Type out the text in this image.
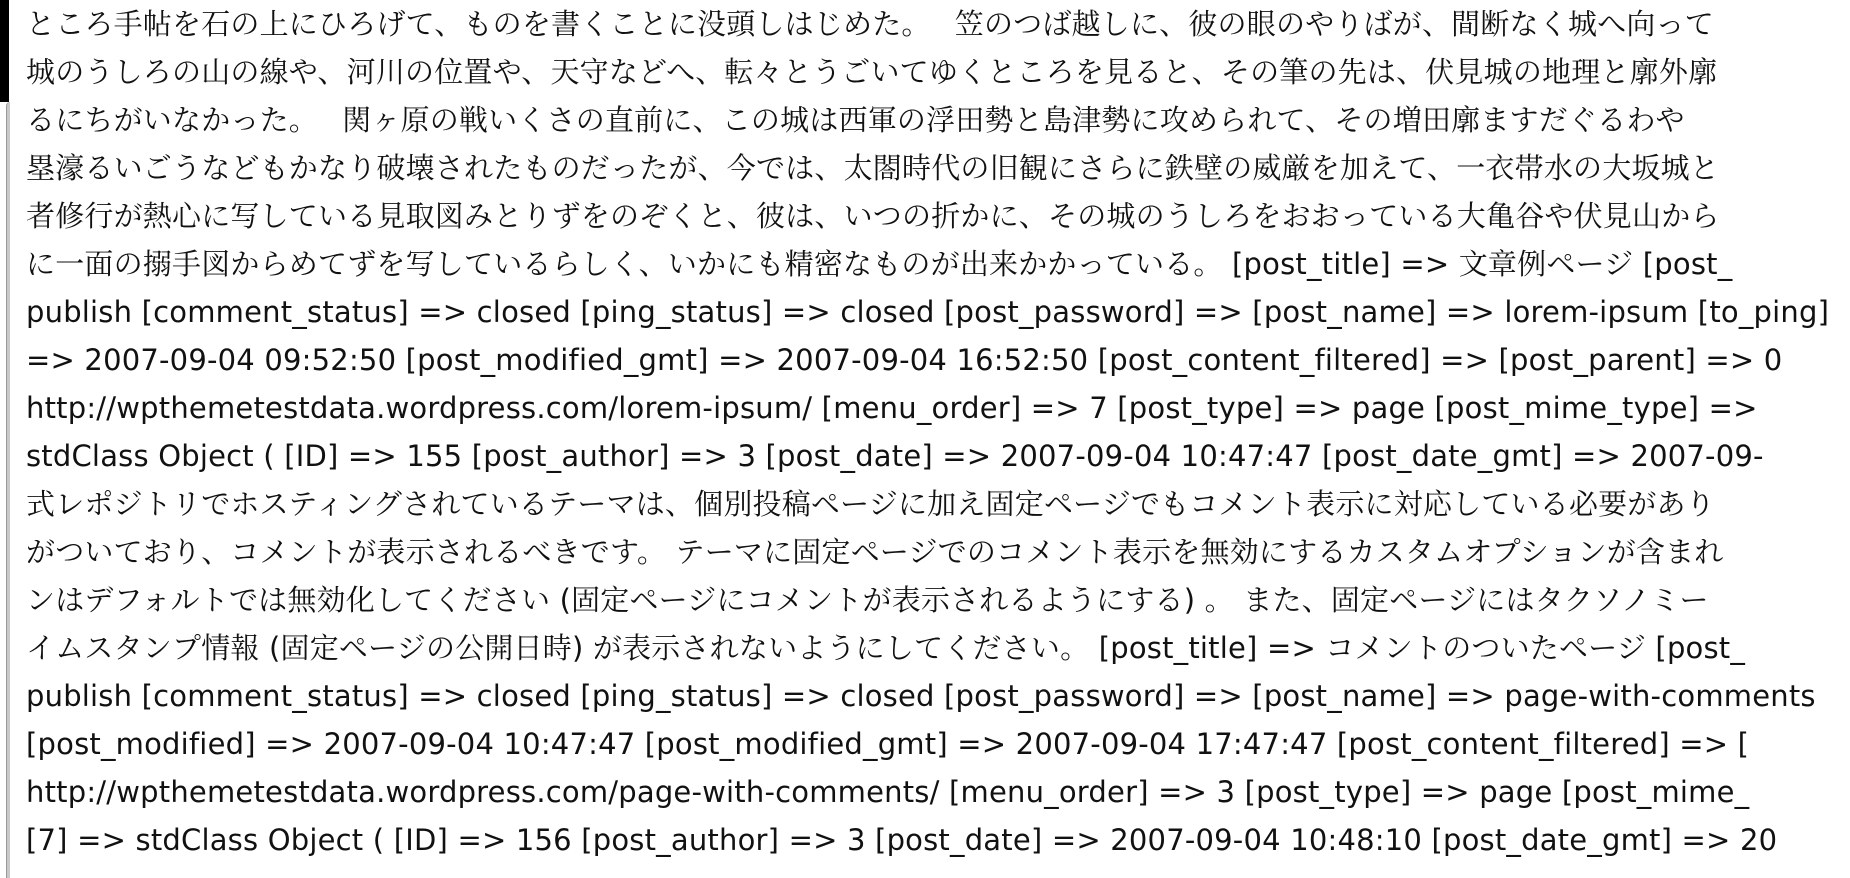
ところ手帖を石の上にひろげて、ものを書くことに没頭しはじめた。　 笠のつば越しに、彼の眼のやりばが、間断なく城へ向って
城のうしろの山の線や、河川の位置や、天守などへ、転々とうごいてゆくところを見ると、その筆の先は、伏見城の地理と廓外廓
るにちがいなかった。　 関ヶ原の戦いくさの直前に、この城は西軍の浮田勢と島津勢に攻められて、その増田廓ますだぐるわや
塁濠るいごうなどもかなり破壊されたものだったが、今では、太閤時代の旧観にさらに鉄壁の威厳を加えて、一衣帯水の大坂城と
者修行が熱心に写している見取図みとりずをのぞくと、彼は、いつの折かに、その城のうしろをおおっている大亀谷や伏見山から
に一面の搦手図からめてずを写しているらしく、いかにも精密なものが出来かかっている。 [post_title] => 文章例ページ [post_
publish [comment_status] => closed [ping_status] => closed [post_password] => [post_name] => lorem-ipsum [to_ping]
=> 2007-09-04 09:52:50 [post_modified_gmt] => 2007-09-04 16:52:50 [post_content_filtered] => [post_parent] => 0
http://wpthemetestdata.wordpress.com/lorem-ipsum/ [menu_order] => 7 [post_type] => page [post_mime_type] =>
stdClass Object ( [ID] => 155 [post_author] => 3 [post_date] => 2007-09-04 10:47:47 [post_date_gmt] => 2007-09-
式レポジトリでホスティングされているテーマは、個別投稿ページに加え固定ページでもコメント表示に対応している必要があり
がついており、コメントが表示されるべきです。 テーマに固定ページでのコメント表示を無効にするカスタムオプションが含まれ
ンはデフォルトでは無効化してください (固定ページにコメントが表示されるようにする) 。 また、固定ページにはタクソノミー
イムスタンプ情報 (固定ページの公開日時) が表示されないようにしてください。 [post_title] => コメントのついたページ [post_
publish [comment_status] => closed [ping_status] => closed [post_password] => [post_name] => page-with-comments
[post_modified] => 2007-09-04 10:47:47 [post_modified_gmt] => 2007-09-04 17:47:47 [post_content_filtered] => [
http://wpthemetestdata.wordpress.com/page-with-comments/ [menu_order] => 3 [post_type] => page [post_mime_
[7] => stdClass Object ( [ID] => 156 [post_author] => 3 [post_date] => 2007-09-04 10:48:10 [post_date_gmt] => 20
